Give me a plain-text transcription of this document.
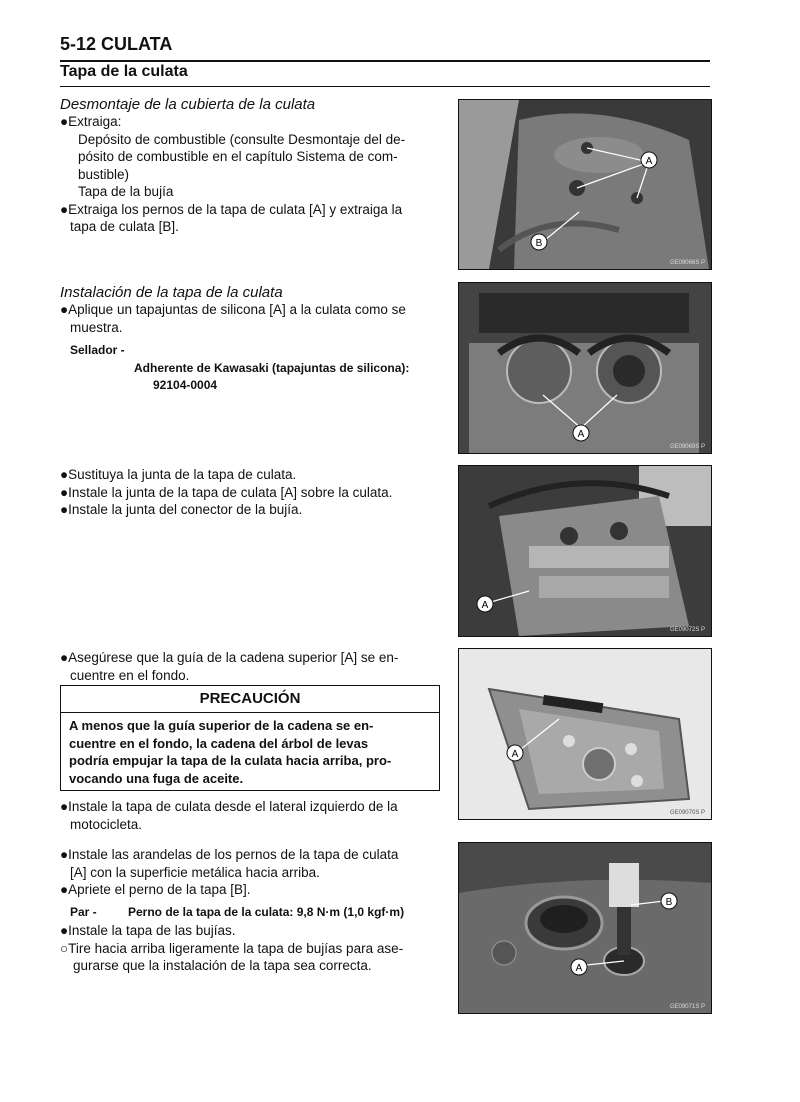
5-12 CULATA
Tapa de la culata
Desmontaje de la cubierta de la culata
●Extraiga:
Depósito de combustible (consulte Desmontaje del de-
pósito de combustible en el capítulo Sistema de com-
bustible)
Tapa de la bujía
●Extraiga los pernos de la tapa de culata [A] y extraiga la
tapa de culata [B].
Instalación de la tapa de la culata
●Aplique un tapajuntas de silicona [A] a la culata como se
muestra.
Sellador -
Adherente de Kawasaki (tapajuntas de silicona):
92104-0004
●Sustituya la junta de la tapa de culata.
●Instale la junta de la tapa de culata [A] sobre la culata.
●Instale la junta del conector de la bujía.
●Asegúrese que la guía de la cadena superior [A] se en-
cuentre en el fondo.
PRECAUCIÓN
A menos que la guía superior de la cadena se en-
cuentre en el fondo, la cadena del árbol de levas
podría empujar la tapa de la culata hacia arriba, pro-
vocando una fuga de aceite.
●Instale la tapa de culata desde el lateral izquierdo de la
motocicleta.
●Instale las arandelas de los pernos de la tapa de culata
[A] con la superficie metálica hacia arriba.
●Apriete el perno de la tapa [B].
Par -	Perno de la tapa de la culata: 9,8 N·m (1,0 kgf·m)
●Instale la tapa de las bujías.
○Tire hacia arriba ligeramente la tapa de bujías para ase-
gurarse que la instalación de la tapa sea correcta.
A
B
GE09066S P
A
GE09069S P
A
GE09072S P
A
GE09070S P
B
A
GE09071S P
